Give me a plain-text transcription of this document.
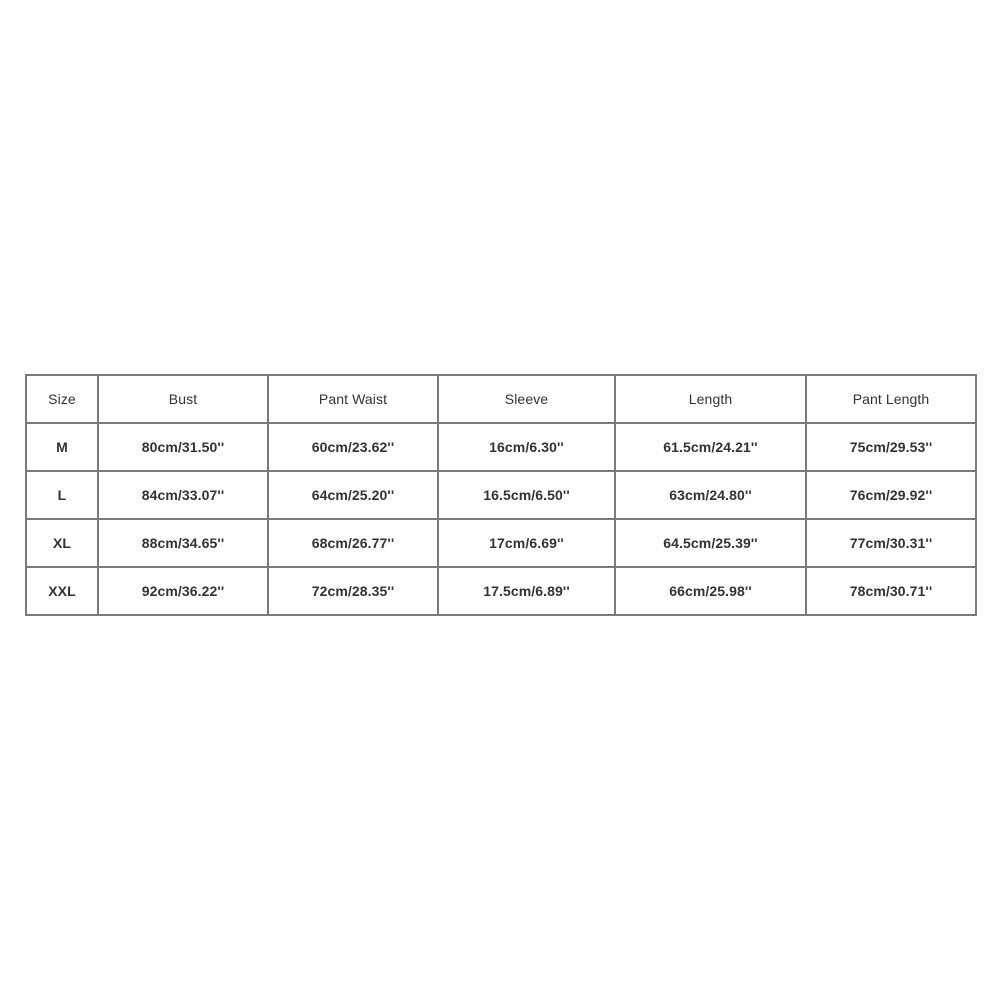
Size	Bust	Pant Waist	Sleeve	Length	Pant Length
M	80cm/31.50''	60cm/23.62''	16cm/6.30''	61.5cm/24.21''	75cm/29.53''
L	84cm/33.07''	64cm/25.20''	16.5cm/6.50''	63cm/24.80''	76cm/29.92''
XL	88cm/34.65''	68cm/26.77''	17cm/6.69''	64.5cm/25.39''	77cm/30.31''
XXL	92cm/36.22''	72cm/28.35''	17.5cm/6.89''	66cm/25.98''	78cm/30.71''
